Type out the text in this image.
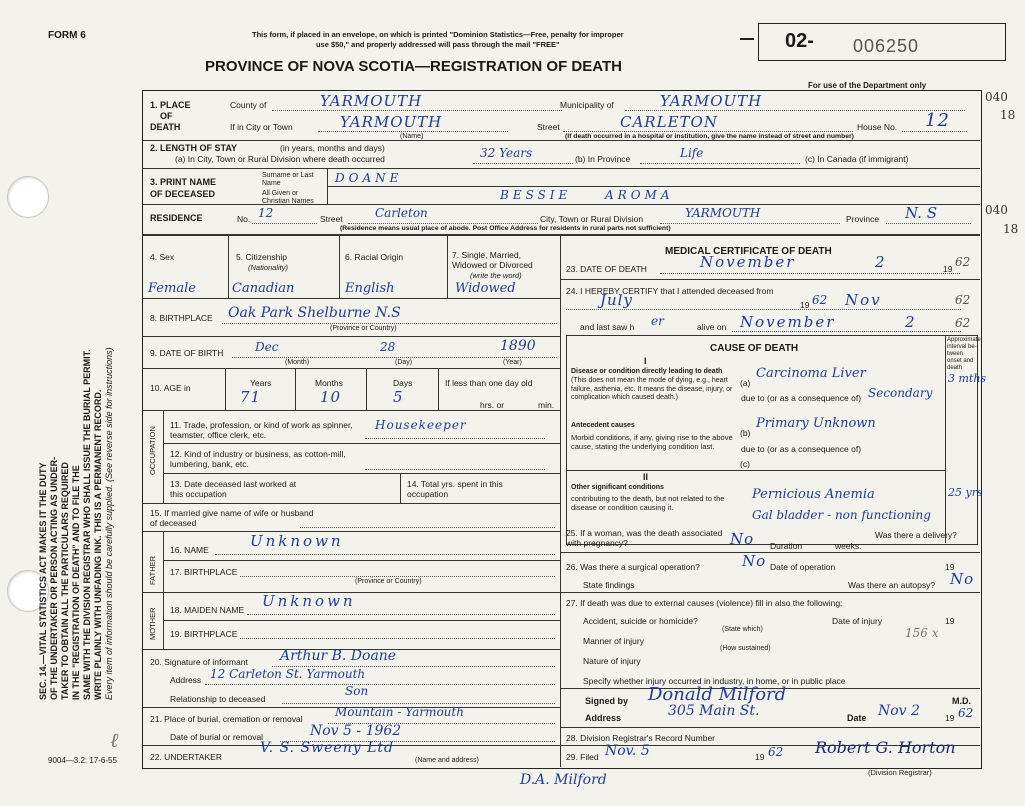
SEC. 14.—VITAL STATISTICS ACT MAKES IT THE DUTY OF THE UNDERTAKER OR PERSON ACTING AS UNDER- TAKER TO OBTAIN ALL THE PARTICULARS REQUIRED IN THE "REGISTRATION OF DEATH" AND TO FILE THE SAME WITH THE DIVISION REGISTRAR WHO SHALL ISSUE THE BURIAL PERMIT. WRITE PLAINLY WITH UNFADING INK. THIS IS A PERMANENT RECORD. Every item of information should be carefully supplied. (See reverse side for instructions)
FORM 6	This form, if placed in an envelope, on which is printed "Dominion Statistics—Free, penalty for improper
use $50," and properly addressed will pass through the mail "FREE"
PROVINCE OF NOVA SCOTIA—REGISTRATION OF DEATH
02- 006250
For use of the Department only
040
18
040
18
1. PLACE
OF
DEATH
County of	YARMOUTH	Municipality of	YARMOUTH
If in City or Town	YARMOUTH
(Name)
Street	CARLETON	House No. 12
(If death occurred in a hospital or institution, give the name instead of street and number)
2. LENGTH OF STAY	(in years, months and days)
(a) In City, Town or Rural Division where death occurred	32 Years	(b) In Province	Life	(c) In Canada (if immigrant)
3. PRINT NAME
OF DECEASED
Surname or Last Name
All Given or Christian Names
DOANE
BESSIE	AROMA
RESIDENCE	No. 12	Street	Carleton	City, Town or Rural Division	YARMOUTH	Province N. S
(Residence means usual place of abode. Post Office Address for residents in rural parts not sufficient)
4. Sex	5. Citizenship
(Nationality)
6. Racial Origin	7. Single, Married, Widowed or Divorced
(write the word)
Female	Canadian	English	Widowed
8. BIRTHPLACE Oak Park Shelburne N.S
(Province or Country)
9. DATE OF BIRTH	Dec	28	1890
(Month)	(Day)	(Year)
10. AGE in	Years	Months	Days	If less than one day old
71	10	5	hrs. or	min.
OCCUPATION
11. Trade, profession, or kind of work as spinner, teamster, office clerk, etc.
Housekeeper
12. Kind of industry or business, as cotton-mill, lumbering, bank, etc.
13. Date deceased last worked at this occupation
14. Total yrs. spent in this occupation
15. If married give name of wife or husband of deceased
FATHER
16. NAME	Unknown
17. BIRTHPLACE
(Province or Country)
MOTHER 18. MAIDEN NAME Unknown
19. BIRTHPLACE
20. Signature of informant Arthur B. Doane
Address 12 Carleton St. Yarmouth
Relationship to deceased
Son
21. Place of burial, cremation or removal	Mountain - Yarmouth
Date of burial or removal	Nov 5 - 1962
22. UNDERTAKER
V. S. Sweeny Ltd
(Name and address)
MEDICAL CERTIFICATE OF DEATH
23. DATE OF DEATH	November	2	19 62
24. I HEREBY CERTIFY that I attended deceased from
July	19 62 Nov	62
and last saw h er	alive on November	2	62
CAUSE OF DEATH
Approximate interval be-tween onset and death
I
Disease or condition directly leading to death
(This does not mean the mode of dying, e.g., heart failure, asthenia, etc. It means the disease, injury, or complication which caused death.)
(a)
Carcinoma Liver
due to (or as a consequence of) Secondary
3 mths
Antecedent causes
Morbid conditions, if any, giving rise to the above cause, stating the underlying condition last.
(b)
Primary Unknown
due to (or as a consequence of)
(c)
II
Other significant conditions
contributing to the death, but not related to the disease or condition causing it.
Pernicious Anemia
Gal bladder - non functioning
25 yrs
25. If a woman, was the death associated with pregnancy?	No Duration	weeks.
Was there a delivery?
26. Was there a surgical operation?	No Date of operation	19
State findings	Was there an autopsy? No
27. If death was due to external causes (violence) fill in also the following:
Accident, suicide or homicide?
(State which)
Date of injury	19
Manner of injury
156 x
(How sustained)
Nature of injury
Specify whether injury occurred in industry, in home, or in public place
Signed by Donald Milford	M.D.
Address	305 Main St.	Date Nov 2	19 62
28. Division Registrar's Record Number
29. Filed Nov. 5	19 62 Robert G. Horton
(Division Registrar)
D.A. Milford
9004—3.2: 17-6-55
ℓ
